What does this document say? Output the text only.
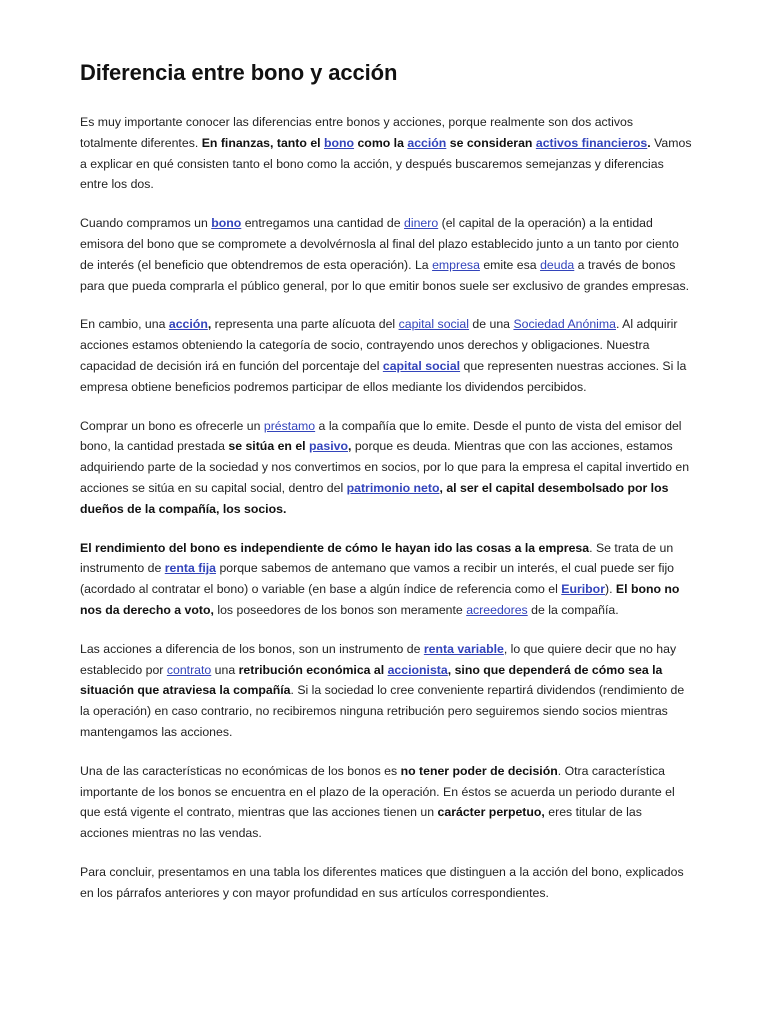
Diferencia entre bono y acción

Es muy importante conocer las diferencias entre bonos y acciones, porque realmente son dos activos totalmente diferentes. En finanzas, tanto el bono como la acción se consideran activos financieros. Vamos a explicar en qué consisten tanto el bono como la acción, y después buscaremos semejanzas y diferencias entre los dos.

Cuando compramos un bono entregamos una cantidad de dinero (el capital de la operación) a la entidad emisora del bono que se compromete a devolvérnosla al final del plazo establecido junto a un tanto por ciento de interés (el beneficio que obtendremos de esta operación). La empresa emite esa deuda a través de bonos para que pueda comprarla el público general, por lo que emitir bonos suele ser exclusivo de grandes empresas.

En cambio, una acción, representa una parte alícuota del capital social de una Sociedad Anónima. Al adquirir acciones estamos obteniendo la categoría de socio, contrayendo unos derechos y obligaciones. Nuestra capacidad de decisión irá en función del porcentaje del capital social que representen nuestras acciones. Si la empresa obtiene beneficios podremos participar de ellos mediante los dividendos percibidos.

Comprar un bono es ofrecerle un préstamo a la compañía que lo emite. Desde el punto de vista del emisor del bono, la cantidad prestada se sitúa en el pasivo, porque es deuda. Mientras que con las acciones, estamos adquiriendo parte de la sociedad y nos convertimos en socios, por lo que para la empresa el capital invertido en acciones se sitúa en su capital social, dentro del patrimonio neto, al ser el capital desembolsado por los dueños de la compañía, los socios.

El rendimiento del bono es independiente de cómo le hayan ido las cosas a la empresa. Se trata de un instrumento de renta fija porque sabemos de antemano que vamos a recibir un interés, el cual puede ser fijo (acordado al contratar el bono) o variable (en base a algún índice de referencia como el Euribor). El bono no nos da derecho a voto, los poseedores de los bonos son meramente acreedores de la compañía.

Las acciones a diferencia de los bonos, son un instrumento de renta variable, lo que quiere decir que no hay establecido por contrato una retribución económica al accionista, sino que dependerá de cómo sea la situación que atraviesa la compañía. Si la sociedad lo cree conveniente repartirá dividendos (rendimiento de la operación) en caso contrario, no recibiremos ninguna retribución pero seguiremos siendo socios mientras mantengamos las acciones.

Una de las características no económicas de los bonos es no tener poder de decisión. Otra característica importante de los bonos se encuentra en el plazo de la operación. En éstos se acuerda un periodo durante el que está vigente el contrato, mientras que las acciones tienen un carácter perpetuo, eres titular de las acciones mientras no las vendas.

Para concluir, presentamos en una tabla los diferentes matices que distinguen a la acción del bono, explicados en los párrafos anteriores y con mayor profundidad en sus artículos correspondientes.
